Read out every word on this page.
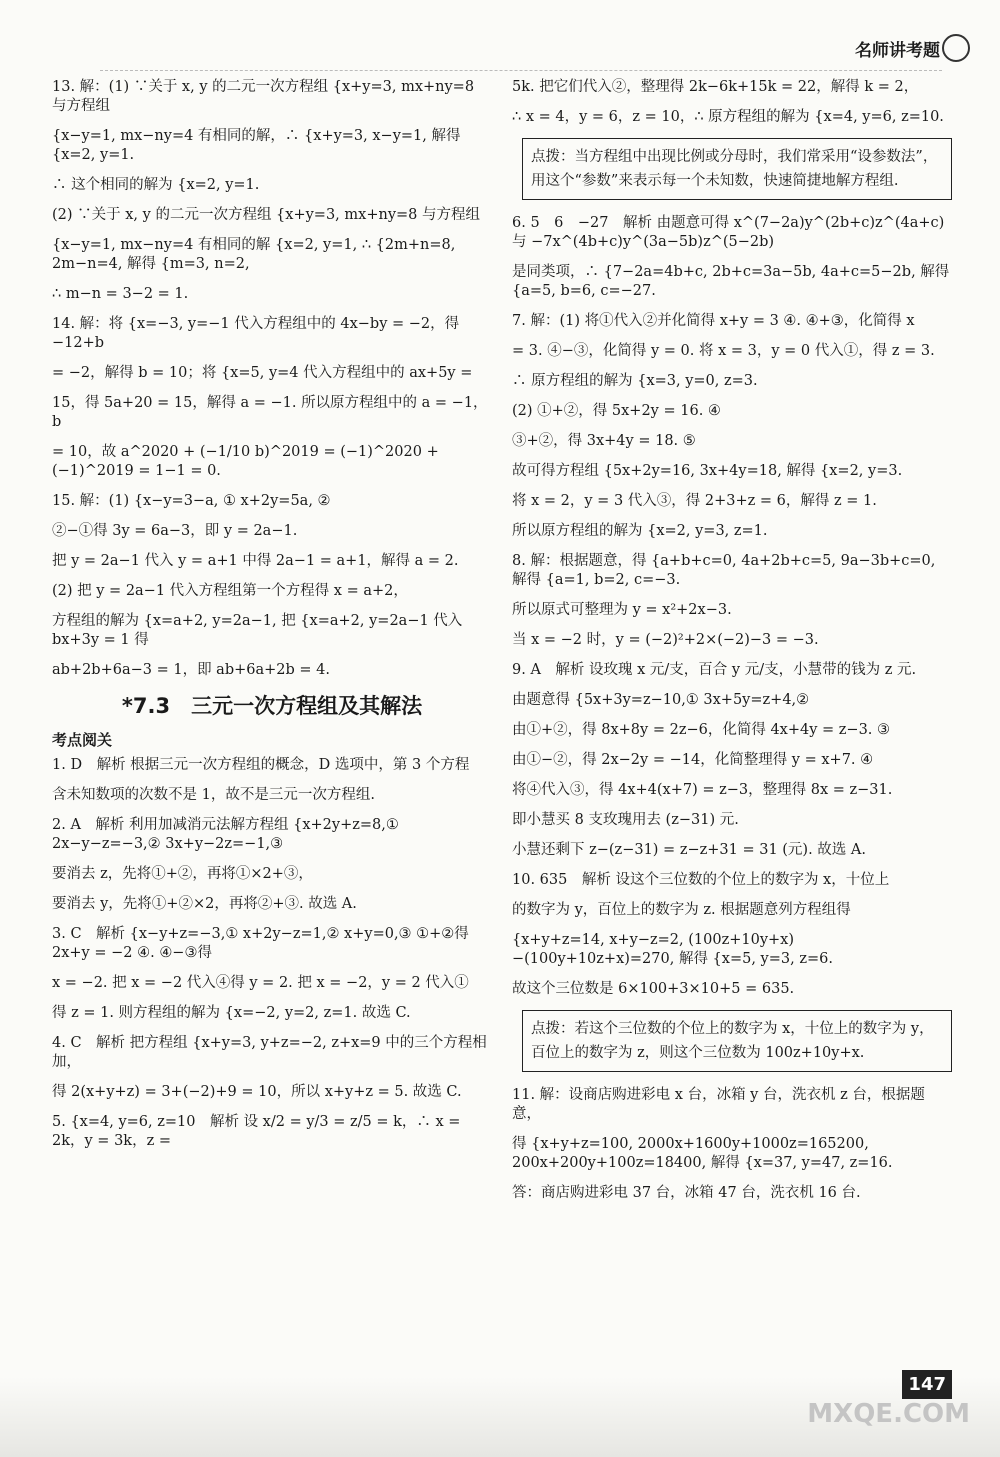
名师讲考题
13. 解：(1) ∵关于 x, y 的二元一次方程组 {x+y=3, mx+ny=8 与方程组
{x−y=1, mx−ny=4 有相同的解，∴ {x+y=3, x−y=1, 解得 {x=2, y=1.
∴ 这个相同的解为 {x=2, y=1.
(2) ∵关于 x, y 的二元一次方程组 {x+y=3, mx+ny=8 与方程组
{x−y=1, mx−ny=4 有相同的解 {x=2, y=1, ∴ {2m+n=8, 2m−n=4, 解得 {m=3, n=2,
∴ m−n = 3−2 = 1.
14. 解：将 {x=−3, y=−1 代入方程组中的 4x−by = −2，得 −12+b
= −2，解得 b = 10；将 {x=5, y=4 代入方程组中的 ax+5y =
15，得 5a+20 = 15，解得 a = −1. 所以原方程组中的 a = −1，b
= 10，故 a^2020 + (−1/10 b)^2019 = (−1)^2020 + (−1)^2019 = 1−1 = 0.
15. 解：(1) {x−y=3−a, ① x+2y=5a, ②
②−①得 3y = 6a−3，即 y = 2a−1.
把 y = 2a−1 代入 y = a+1 中得 2a−1 = a+1，解得 a = 2.
(2) 把 y = 2a−1 代入方程组第一个方程得 x = a+2，
方程组的解为 {x=a+2, y=2a−1, 把 {x=a+2, y=2a−1 代入 bx+3y = 1 得
ab+2b+6a−3 = 1，即 ab+6a+2b = 4.
*7.3　三元一次方程组及其解法
考点阅关
1. D　解析 根据三元一次方程组的概念，D 选项中，第 3 个方程
含未知数项的次数不是 1，故不是三元一次方程组.
2. A　解析 利用加减消元法解方程组 {x+2y+z=8,① 2x−y−z=−3,② 3x+y−2z=−1,③
要消去 z，先将①+②，再将①×2+③，
要消去 y，先将①+②×2，再将②+③. 故选 A.
3. C　解析 {x−y+z=−3,① x+2y−z=1,② x+y=0,③ ①+②得 2x+y = −2 ④. ④−③得
x = −2. 把 x = −2 代入④得 y = 2. 把 x = −2，y = 2 代入①
得 z = 1. 则方程组的解为 {x=−2, y=2, z=1. 故选 C.
4. C　解析 把方程组 {x+y=3, y+z=−2, z+x=9 中的三个方程相加，
得 2(x+y+z) = 3+(−2)+9 = 10，所以 x+y+z = 5. 故选 C.
5. {x=4, y=6, z=10　解析 设 x/2 = y/3 = z/5 = k，∴ x = 2k，y = 3k，z =
5k. 把它们代入②，整理得 2k−6k+15k = 22，解得 k = 2，
∴ x = 4，y = 6，z = 10，∴ 原方程组的解为 {x=4, y=6, z=10.
点拨：当方程组中出现比例或分母时，我们常采用“设参数法”，用这个“参数”来表示每一个未知数，快速简捷地解方程组.
6. 5　6　−27　解析 由题意可得 x^(7−2a)y^(2b+c)z^(4a+c) 与 −7x^(4b+c)y^(3a−5b)z^(5−2b)
是同类项，∴ {7−2a=4b+c, 2b+c=3a−5b, 4a+c=5−2b, 解得 {a=5, b=6, c=−27.
7. 解：(1) 将①代入②并化简得 x+y = 3 ④. ④+③，化简得 x
= 3. ④−③，化简得 y = 0. 将 x = 3，y = 0 代入①，得 z = 3.
∴ 原方程组的解为 {x=3, y=0, z=3.
(2) ①+②，得 5x+2y = 16. ④
③+②，得 3x+4y = 18. ⑤
故可得方程组 {5x+2y=16, 3x+4y=18, 解得 {x=2, y=3.
将 x = 2，y = 3 代入③，得 2+3+z = 6，解得 z = 1.
所以原方程组的解为 {x=2, y=3, z=1.
8. 解：根据题意，得 {a+b+c=0, 4a+2b+c=5, 9a−3b+c=0, 解得 {a=1, b=2, c=−3.
所以原式可整理为 y = x²+2x−3.
当 x = −2 时，y = (−2)²+2×(−2)−3 = −3.
9. A　解析 设玫瑰 x 元/支，百合 y 元/支，小慧带的钱为 z 元.
由题意得 {5x+3y=z−10,① 3x+5y=z+4,②
由①+②，得 8x+8y = 2z−6，化简得 4x+4y = z−3. ③
由①−②，得 2x−2y = −14，化简整理得 y = x+7. ④
将④代入③，得 4x+4(x+7) = z−3，整理得 8x = z−31.
即小慧买 8 支玫瑰用去 (z−31) 元.
小慧还剩下 z−(z−31) = z−z+31 = 31 (元). 故选 A.
10. 635　解析 设这个三位数的个位上的数字为 x，十位上
的数字为 y，百位上的数字为 z. 根据题意列方程组得
{x+y+z=14, x+y−z=2, (100z+10y+x)−(100y+10z+x)=270, 解得 {x=5, y=3, z=6.
故这个三位数是 6×100+3×10+5 = 635.
点拨：若这个三位数的个位上的数字为 x，十位上的数字为 y，百位上的数字为 z，则这个三位数为 100z+10y+x.
11. 解：设商店购进彩电 x 台，冰箱 y 台，洗衣机 z 台，根据题意，
得 {x+y+z=100, 2000x+1600y+1000z=165200, 200x+200y+100z=18400, 解得 {x=37, y=47, z=16.
答：商店购进彩电 37 台，冰箱 47 台，洗衣机 16 台.
147
MXQE.COM
